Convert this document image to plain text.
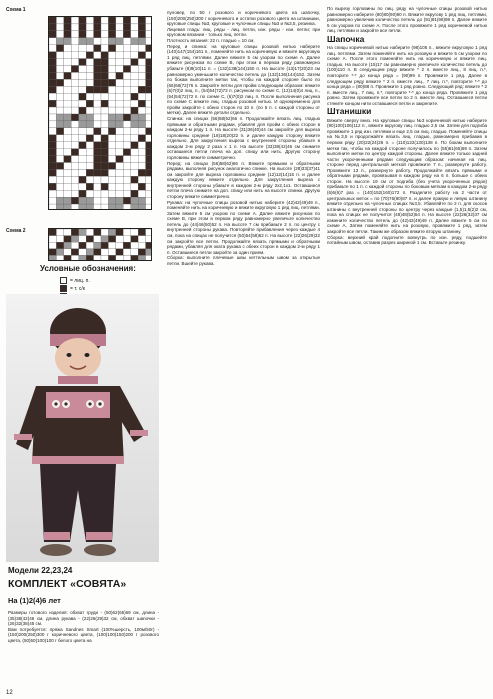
Схема 1
Схема 2
Условные обозначения:
= лиц. п.
= т. c/к
Модели 22,23,24
КОМПЛЕКТ «СОВЯТА»
На (1)2(4)6 лет

Размеры готового изделия: обхват груди - (60)62(65)69 см, длина - (35)38(42)46 см, длина рукава - (22)26(29)32 см, обхват шапочки - (26)32(38)45 см.

Вам потребуется: пряжа Sandnes Smart (100%шерсть, 100м/50г) - (150)200(250)300 г коричневого цвета, (100)100(150)200 г розового цвета, (50)50(100)100 г белого цвета на

12

пуловер, по 50 г розового и коричневого цвета на шапочку, (150)200(250)300 г коричневого и остатки розового цвета на штанишки, круговые спицы №3, круговые и чулочные спицы №3 и №3,5, резинка.

Лицевая гладь: лиц. ряды - лиц. петли, изн. ряды - изн. петли; при круговом вязании - только лиц. петли.

Плотность вязания: 22 п. гладью = 10 см.

Перед и спинка: на круговые спицы розовой нитью наберите (140)147(154)161 п., поменяйте нить на коричневую и вяжите вкруговую 1 ряд лиц. петлями. Далее вяжите 5 см узором по схеме А. Далее вяжите рисунком по схеме В, при этом в первом ряду равномерно убавьте (8)9(10)11 п. = (132)138(144)150 п. На высоте (13)17(20)23 см равномерно уменьшите количество петель до (132)136(144)152. Затем по бокам выполните метки так, чтобы на каждой стороне было по (66)68(72)76 п. Закройте петли для пройм следующим образом: вяжите (6)7(0)2 лиц. п., (54)54(72)72 п. рисунком по схеме С, (12)14(0)4 лиц. п.,(54)54(72)72 п. по схеме С, (6)7(0)2 лиц. п. После выполнения рисунка по схеме С вяжите лиц. гладью розовой нитью. И одновременно для пройм закройте с обеих сторон по 10 п. (по 5 п. с каждой стороны от метки). Далее вяжите детали отдельно.

Спинка: на спицах (56)58(62)66 п. Продолжайте вязать лиц. гладью прямыми и обратными рядами, убавляя для пройм с обеих сторон в каждом 2-м ряду 1 п. На высоте (31)36(40)44 см закройте для выреза горловины средние (18)18(20)22 п. и далее каждую сторону вяжите отдельно. Для закругления выреза с внутренней стороны убавьте в каждом 2-м ряду 2 раза х 1 п. На высоте (33)38(42)46 см снимите оставшиеся петли плеча на доп. спицу или нить. Другую сторону горловины вяжите симметрично.

Перед: на спицах (56)58(62)66 п. Вяжите прямыми и обратными рядами, выполняя рисунок аналогично спинке. На высоте (28)33(37)41 см закройте для выреза горловины средние (12)12(14)16 п. и далее каждую сторону вяжите отдельно. Для закругления выреза с внутренней стороны убавьте в каждом 2-м ряду 2х2,1х1. Оставшиеся петли плеча снимите на доп. спицу или нить на высоте спинки. Другую сторону вяжите симметрично.

Рукава: на чулочные спицы розовой нитью наберите (42)42(49)49 п., поменяйте нить на коричневую и вяжите вкруговую 1 ряд лиц. петлями. Затем вяжите 5 см узором по схеме А. Далее вяжите рисунком по схеме В, при этом в первом ряду равномерно увеличьте количество петель до (44)46(50)52 п. На высоте 7 см прибавьте 2 п. по центру с внутренней стороны рукава. Повторяйте прибавления через каждые 4 см, пока на спицах не получится (50)54(58)62 п. На высоте (22)26(29)32 см закройте все петли. Продолжайте вязать прямыми и обратными рядами, убавляя для оката рукава с обеих сторон в каждом 2-м ряду 1 п. Оставшиеся петли закройте за один прием.

Сборка: выполните плечевые швы кеттельным швом за открытые петли. Вшейте рукава.

По вырезу горловины по лиц. ряду на чулочные спицы розовой нитью равномерно наберите (80)80(90)90 п. Вяжите вкругову 1 ряд лиц. петлями, равномерно увеличив количество петель до (91)91(98)98 п. Далее вяжите 5 см узором по схеме А. После этого провяжите 1 ряд коричневой нитью лиц. петлями и закройте все петли.

Шапочка

На спицы коричневой нитью наберите (98)105 п., вяжите вкруговую 1 ряд лиц. петлями. Затем поменяйте нить на розовую и вяжите 5 см узором по схеме А. После этого поменяйте нить на коричневую и вяжите лиц. гладью. На высоте (15)17 см равномерно увеличьте количество петель до (100)110 п. В следующем ряду вяжите * 2 п. вместе лиц., 8 лиц. п.*, повторите *-* до конца ряда = (90)99 п. Провяжите 1 ряд. Далее в следующем ряду вяжите * 2 п. вместе лиц., 7 лиц. п.*, повторите *-* до конца ряда = (80)88 п. Провяжите 1 ряд ровно. Следующий ряд: вяжите * 2 п. вместе лиц., 7 лиц. п.*, повторите *-* до конца ряда. Провяжите 1 ряд ровно. Затем провяжите все петли по 2 п. вместе лиц. Оставшиеся петли стяните концом нити оставшиеся петли и закрепите.

Штанишки

Вяжите сверху вниз. На круговые спицы №3 коричневой нитью наберите (90)100(106)112 п., вяжите вкругову лиц. гладью 2,5 см. Затем для подгиба провяжите 1 ряд изн. петлями и еще 2,5 см лиц. гладью. Поменяйте спицы на №3,5 и продолжайте вязать лиц. гладью, равномерно прибавив в первом ряду (20)22(24)26 п. = (110)122(130)138 п. По бокам выполните метки так, чтобы на каждой стороне получилось по (55)61(65)69 п. Затем выполните метки по центру каждой стороны. Далее вяжите только задней части укороченными рядами следующим образом: начиная на лиц. стороне перед центральной меткой провяжите 7 п., развернуте работу. Провяжите 13 п., развернуте работу. Продолжайте вязать прямыми и обратными рядами, провязывая в каждом ряду на 6 п. больше с обеих сторон. На высоте 19 см от подгиба (без учета укороченных рядов) прибавьте по 1 п. с каждой стороны по боковым меткам в каждом 2-м ряду (6)6(6)7 раз = (140)152(160)172 п. Разделите работу на 2 части от центральных меток = по (70)76(80)87 п. и далее правую и левую штанину вяжите отдельно на чулочных спицах №3,5. Убавляйте по 2 п. для скосов штанины с внутренней стороны по центру через каждые (1,5)1,5(2)2 см, пока на спицах не получится (48)48(52)54 п. На высоте (22)26(32)37 см измените количество петель до (42)42(49)49 п. Далее вяжите 5 см по схеме А. Затем поменяйте нить на розовую, провяжите 1 ряд, затем закройте все петли. Таким же образом вяжите вторую штанину.

Сборка: верхний край подогните вовнутрь по изн. ряду, подшейте потайным швом, оставив разрез шириной 1 см. Вставьте резинку.
